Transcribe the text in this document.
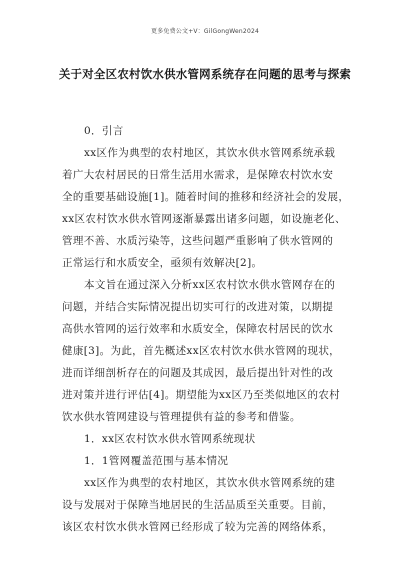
更多免费公文+V：GilGongWen2024
关于对全区农村饮水供水管网系统存在问题的思考与探索
0．引言
xx区作为典型的农村地区，其饮水供水管网系统承载
着广大农村居民的日常生活用水需求，是保障农村饮水安
全的重要基础设施[1]。随着时间的推移和经济社会的发展，
xx区农村饮水供水管网逐渐暴露出诸多问题，如设施老化、
管理不善、水质污染等，这些问题严重影响了供水管网的
正常运行和水质安全，亟须有效解决[2]。
本文旨在通过深入分析xx区农村饮水供水管网存在的
问题，并结合实际情况提出切实可行的改进对策，以期提
高供水管网的运行效率和水质安全，保障农村居民的饮水
健康[3]。为此，首先概述xx区农村饮水供水管网的现状，
进而详细剖析存在的问题及其成因，最后提出针对性的改
进对策并进行评估[4]。期望能为xx区乃至类似地区的农村
饮水供水管网建设与管理提供有益的参考和借鉴。
1．xx区农村饮水供水管网系统现状
1．1管网覆盖范围与基本情况
xx区作为典型的农村地区，其饮水供水管网系统的建
设与发展对于保障当地居民的生活品质至关重要。目前，
该区农村饮水供水管网已经形成了较为完善的网络体系，
